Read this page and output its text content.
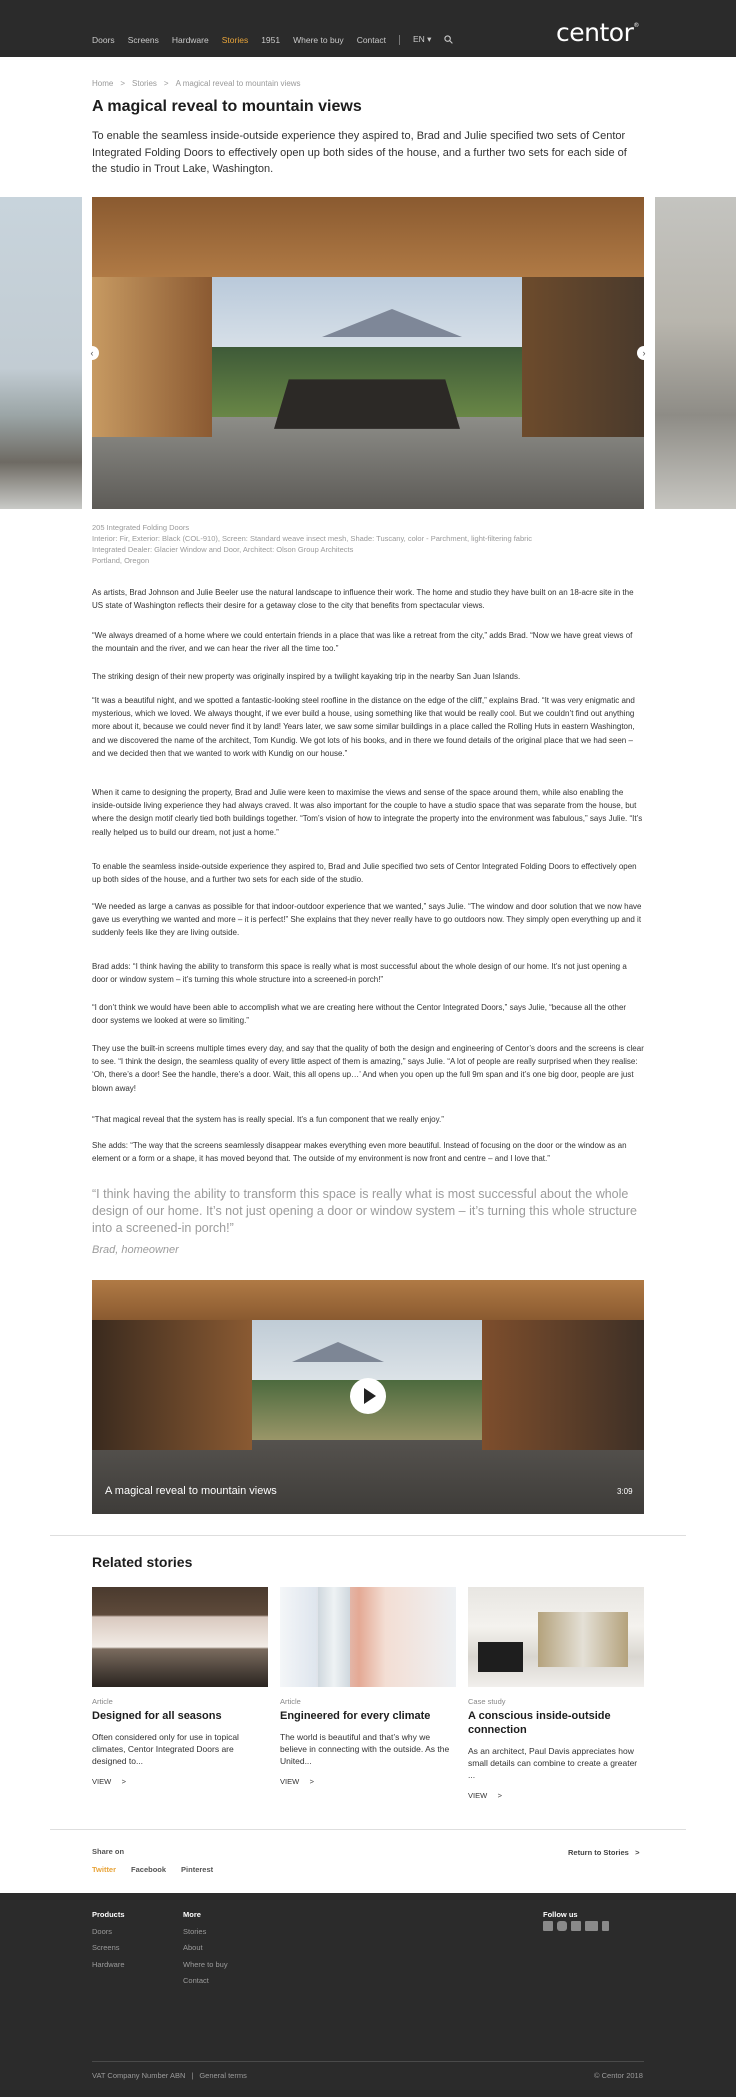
Doors Screens Hardware Stories 1951 Where to buy Contact	EN ▾	centor®
Home > Stories > A magical reveal to mountain views
A magical reveal to mountain views
To enable the seamless inside-outside experience they aspired to, Brad and Julie specified two sets of Centor Integrated Folding Doors to effectively open up both sides of the house, and a further two sets for each side of the studio in Trout Lake, Washington.
‹	›
205 Integrated Folding Doors
Interior: Fir, Exterior: Black (COL-910), Screen: Standard weave insect mesh, Shade: Tuscany, color - Parchment, light-filtering fabric
Integrated Dealer: Glacier Window and Door, Architect: Olson Group Architects
Portland, Oregon

As artists, Brad Johnson and Julie Beeler use the natural landscape to influence their work. The home and studio they have built on an 18-acre site in the US state of Washington reflects their desire for a getaway close to the city that benefits from spectacular views.

“We always dreamed of a home where we could entertain friends in a place that was like a retreat from the city,” adds Brad. “Now we have great views of the mountain and the river, and we can hear the river all the time too.”

The striking design of their new property was originally inspired by a twilight kayaking trip in the nearby San Juan Islands.

“It was a beautiful night, and we spotted a fantastic-looking steel roofline in the distance on the edge of the cliff,” explains Brad. “It was very enigmatic and mysterious, which we loved. We always thought, if we ever build a house, using something like that would be really cool. But we couldn’t find out anything more about it, because we could never find it by land! Years later, we saw some similar buildings in a place called the Rolling Huts in eastern Washington, and we discovered the name of the architect, Tom Kundig. We got lots of his books, and in there we found details of the original place that we had seen – and we decided then that we wanted to work with Kundig on our house.”

When it came to designing the property, Brad and Julie were keen to maximise the views and sense of the space around them, while also enabling the inside-outside living experience they had always craved. It was also important for the couple to have a studio space that was separate from the house, but where the design motif clearly tied both buildings together. “Tom’s vision of how to integrate the property into the environment was fabulous,” says Julie. “It’s really helped us to build our dream, not just a home.”

To enable the seamless inside-outside experience they aspired to, Brad and Julie specified two sets of Centor Integrated Folding Doors to effectively open up both sides of the house, and a further two sets for each side of the studio.

“We needed as large a canvas as possible for that indoor-outdoor experience that we wanted,” says Julie. “The window and door solution that we now have gave us everything we wanted and more – it is perfect!” She explains that they never really have to go outdoors now. They simply open everything up and it suddenly feels like they are living outside.

Brad adds: “I think having the ability to transform this space is really what is most successful about the whole design of our home. It’s not just opening a door or window system – it’s turning this whole structure into a screened-in porch!”

“I don’t think we would have been able to accomplish what we are creating here without the Centor Integrated Doors,” says Julie, “because all the other door systems we looked at were so limiting.”

They use the built-in screens multiple times every day, and say that the quality of both the design and engineering of Centor’s doors and the screens is clear to see. “I think the design, the seamless quality of every little aspect of them is amazing,” says Julie. “A lot of people are really surprised when they realise: ‘Oh, there’s a door! See the handle, there’s a door. Wait, this all opens up…’ And when you open up the full 9m span and it’s one big door, people are just blown away!

“That magical reveal that the system has is really special. It’s a fun component that we really enjoy.”

She adds: “The way that the screens seamlessly disappear makes everything even more beautiful. Instead of focusing on the door or the window as an element or a form or a shape, it has moved beyond that. The outside of my environment is now front and centre – and I love that.”

“I think having the ability to transform this space is really what is most successful about the whole design of our home. It’s not just opening a door or window system – it’s turning this whole structure into a screened-in porch!”
Brad, homeowner
A magical reveal to mountain views	3:09
Related stories
Article
Designed for all seasons
Often considered only for use in topical climates, Centor Integrated Doors are designed to...
VIEW >
Article
Engineered for every climate
The world is beautiful and that’s why we believe in connecting with the outside. As the United...
VIEW >
Case study
A conscious inside-outside connection
As an architect, Paul Davis appreciates how small details can combine to create a greater ...
VIEW >
Share on
Twitter Facebook Pinterest
Return to Stories >
Products
Doors
Screens
Hardware
More
Stories
About
Where to buy
Contact
Follow us
VAT Company Number ABN | General terms	© Centor 2018
